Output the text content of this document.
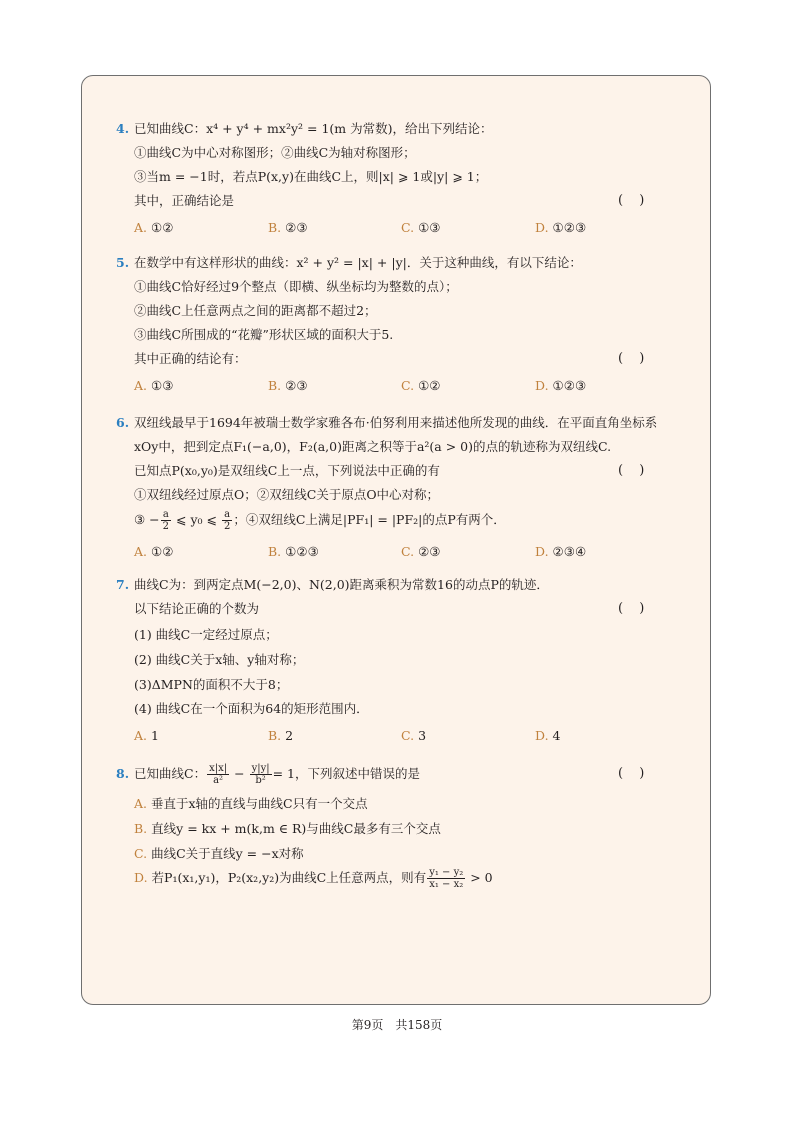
4. 已知曲线C：x⁴ + y⁴ + mx²y² = 1(m 为常数)，给出下列结论：
①曲线C为中心对称图形；②曲线C为轴对称图形；
③当m = −1时，若点P(x,y)在曲线C上，则|x| ⩾ 1或|y| ⩾ 1；
其中，正确结论是	( )
A. ①②	B. ②③	C. ①③	D. ①②③
5. 在数学中有这样形状的曲线：x² + y² = |x| + |y|．关于这种曲线，有以下结论：
①曲线C恰好经过9个整点（即横、纵坐标均为整数的点）；
②曲线C上任意两点之间的距离都不超过2；
③曲线C所围成的“花瓣”形状区域的面积大于5.
其中正确的结论有：	( )
A. ①③	B. ②③	C. ①②	D. ①②③
6. 双纽线最早于1694年被瑞士数学家雅各布·伯努利用来描述他所发现的曲线．在平面直角坐标系
xOy中，把到定点F₁(−a,0)，F₂(a,0)距离之积等于a²(a > 0)的点的轨迹称为双纽线C.
已知点P(x₀,y₀)是双纽线C上一点，下列说法中正确的有	( )
①双纽线经过原点O；②双纽线C关于原点O中心对称；
③ − $\frac{a}{2}$ ⩽ y₀ ⩽ $\frac{a}{2}$ ；④双纽线C上满足|PF₁| = |PF₂|的点P有两个．
A. ①②	B. ①②③	C. ②③	D. ②③④
7. 曲线C为：到两定点M(−2,0)、N(2,0)距离乘积为常数16的动点P的轨迹．
以下结论正确的个数为	( )
(1) 曲线C一定经过原点；
(2) 曲线C关于x轴、y轴对称；
(3)ΔMPN的面积不大于8；
(4) 曲线C在一个面积为64的矩形范围内．
A. 1	B. 2	C. 3	D. 4
8. 已知曲线C： $\frac{x|x|}{\text{a²}} - \frac{y|y|}{\text{b²}} = 1$，下列叙述中错误的是	( )
A. 垂直于x轴的直线与曲线C只有一个交点
B. 直线y = kx + m(k,m ∈ R)与曲线C最多有三个交点
C. 曲线C关于直线y = −x对称
D. 若P₁(x₁,y₁)，P₂(x₂,y₂)为曲线C上任意两点，则有 $\frac{\text{y₁ − y₂}}{\text{x₁ − x₂}} > 0$
第9页　共158页
